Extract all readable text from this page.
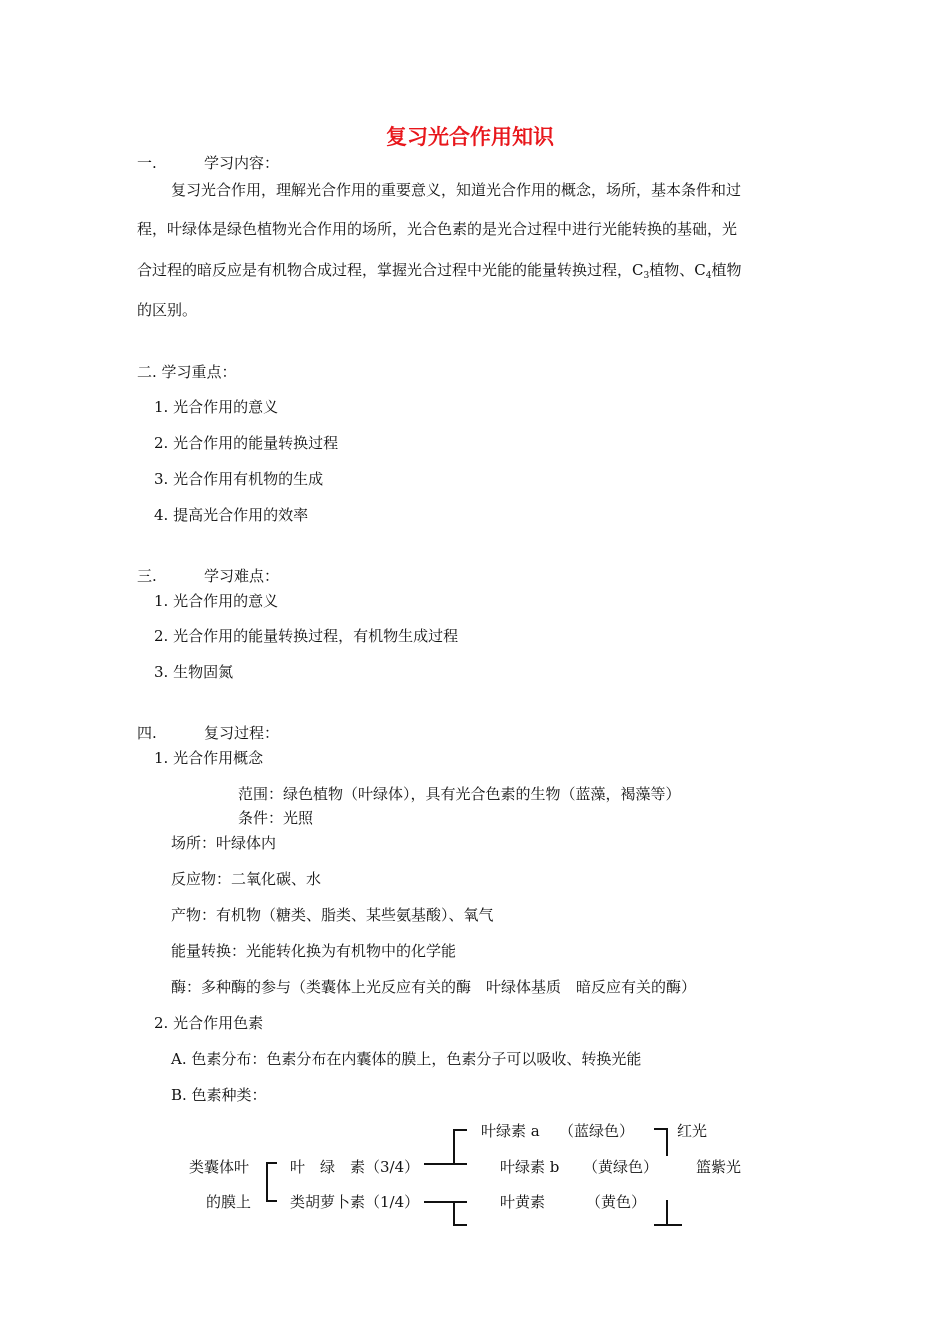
复习光合作用知识
一.	学习内容：
复习光合作用，理解光合作用的重要意义，知道光合作用的概念，场所，基本条件和过
程，叶绿体是绿色植物光合作用的场所，光合色素的是光合过程中进行光能转换的基础，光
合过程的暗反应是有机物合成过程，掌握光合过程中光能的能量转换过程，$C_3$植物、$C_4$植物
的区别。
二. 学习重点：
1. 光合作用的意义
2. 光合作用的能量转换过程
3. 光合作用有机物的生成
4. 提高光合作用的效率
三.	学习难点：
1. 光合作用的意义
2. 光合作用的能量转换过程，有机物生成过程
3. 生物固氮
四.	复习过程：
1. 光合作用概念
范围：绿色植物（叶绿体），具有光合色素的生物（蓝藻，褐藻等）
条件：光照
场所：叶绿体内
反应物：二氧化碳、水
产物：有机物（糖类、脂类、某些氨基酸）、氧气
能量转换：光能转化换为有机物中的化学能
酶：多种酶的参与（类囊体上光反应有关的酶　叶绿体基质　暗反应有关的酶）
2. 光合作用色素
A. 色素分布：色素分布在内囊体的膜上，色素分子可以吸收、转换光能
B. 色素种类：
类囊体叶
的膜上
叶　绿　素（3/4）
类胡萝卜素（1/4）
叶绿素 a （蓝绿色）
叶绿素 b （黄绿色）
叶黄素	（黄色）
红光
篮紫光
